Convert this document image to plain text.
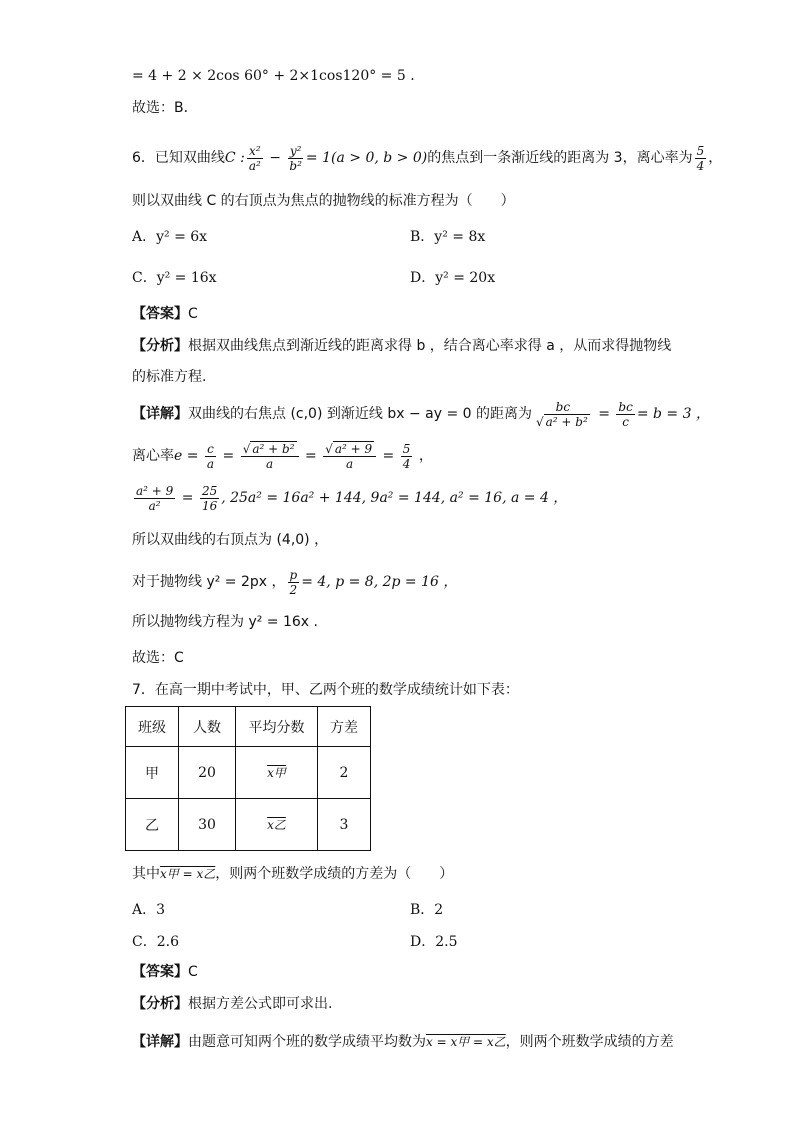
= 4 + 2 × 2cos 60° + 2×1cos120° = 5 .
故选：B．
6．已知双曲线C : $\frac{\text{x²}}{\text{a²}} - \frac{\text{y²}}{\text{b²}} = 1(a > 0$, b > 0)的焦点到一条渐近线的距离为 3，离心率为 $\frac{5}{4}$ ，
则以双曲线 C 的右顶点为焦点的抛物线的标准方程为（　　）
A．y² = 6x	B．y² = 8x
C．y² = 16x	D．y² = 20x
【答案】C
【分析】根据双曲线焦点到渐近线的距离求得 b ，结合离心率求得 a ，从而求得抛物线
的标准方程.
【详解】双曲线的右焦点 (c,0) 到渐近线 bx − ay = 0 的距离为 $\frac{bc}{\text{√ a² + b²}} = \frac{bc}{c} = b = 3$ ，
离心率$e = \frac{c}{a} = \frac{\text{√ a² + b²}}{a} = \frac{\text{√ a² + 9}}{a} = \frac{5}{4}$ ，
$\frac{\text{a² + 9}}{\text{a²}} = \frac{25}{16}$ , 25a² = 16a² + 144, 9a² = 144, a² = 16, a = 4 ，
所以双曲线的右顶点为 (4,0) ，
对于抛物线 y² = 2px ， $\frac{p}{2} = 4$, p = 8, 2p = 16 ，
所以抛物线方程为 y² = 16x .
故选：C
7．在高一期中考试中，甲、乙两个班的数学成绩统计如下表：
班级	人数	平均分数	方差
甲	20	x甲	2
乙	30	x乙	3
其中x甲 = x乙，则两个班数学成绩的方差为（　　）
A．3	B．2
C．2.6	D．2.5
【答案】C
【分析】根据方差公式即可求出.
【详解】由题意可知两个班的数学成绩平均数为x = x甲 = x乙，则两个班数学成绩的方差
